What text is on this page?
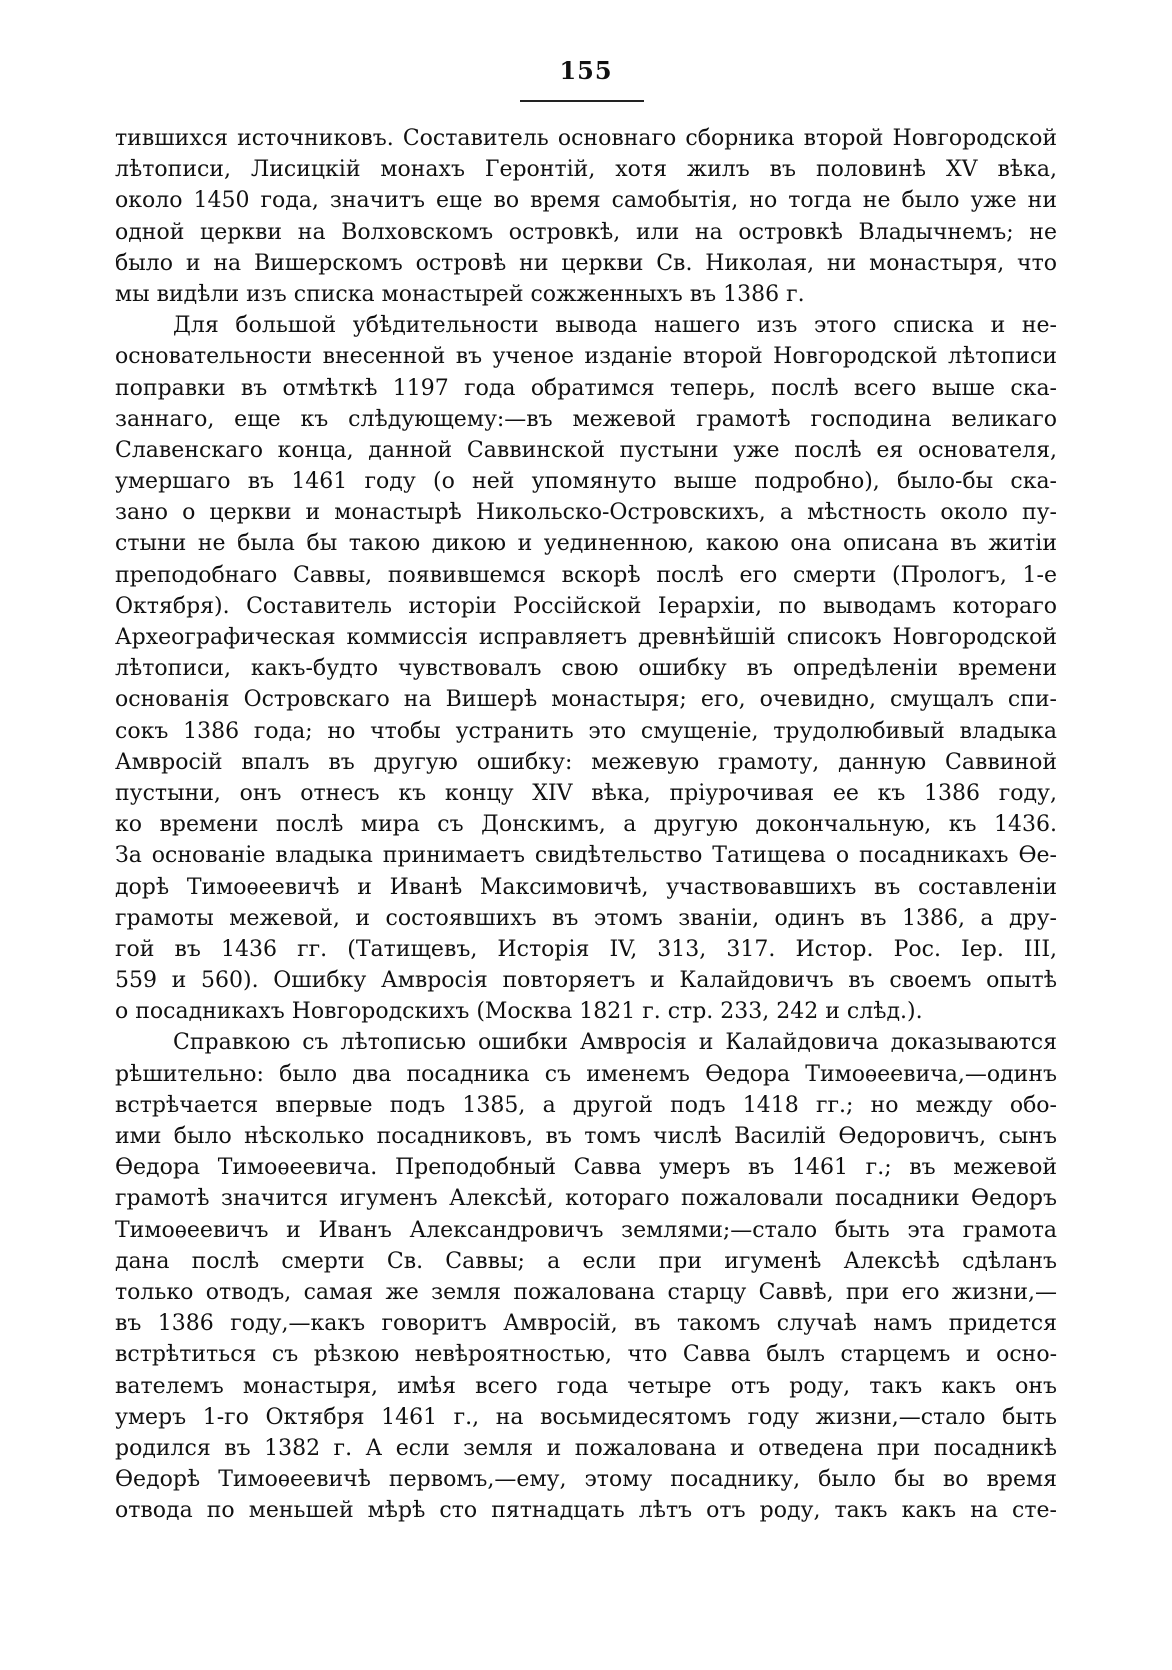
155
тившихся источниковъ. Составитель основнаго сборника второй Новгородской
лѣтописи, Лисицкій монахъ Геронтій, хотя жилъ въ половинѣ XV вѣка,
около 1450 года, значитъ еще во время самобытія, но тогда не было уже ни
одной церкви на Волховскомъ островкѣ, или на островкѣ Владычнемъ; не
было и на Вишерскомъ островѣ ни церкви Св. Николая, ни монастыря, что
мы видѣли изъ списка монастырей сожженныхъ въ 1386 г.
Для большой убѣдительности вывода нашего изъ этого списка и не-
основательности внесенной въ ученое изданіе второй Новгородской лѣтописи
поправки въ отмѣткѣ 1197 года обратимся теперь, послѣ всего выше ска-
заннаго, еще къ слѣдующему:—въ межевой грамотѣ господина великаго
Славенскаго конца, данной Саввинской пустыни уже послѣ ея основателя,
умершаго въ 1461 году (о ней упомянуто выше подробно), было-бы ска-
зано о церкви и монастырѣ Никольско-Островскихъ, а мѣстность около пу-
стыни не была бы такою дикою и уединенною, какою она описана въ житіи
преподобнаго Саввы, появившемся вскорѣ послѣ его смерти (Прологъ, 1-е
Октября). Составитель исторіи Россійской Іерархіи, по выводамъ котораго
Археографическая коммиссія исправляетъ древнѣйшій списокъ Новгородской
лѣтописи, какъ-будто чувствовалъ свою ошибку въ опредѣленіи времени
основанія Островскаго на Вишерѣ монастыря; его, очевидно, смущалъ спи-
сокъ 1386 года; но чтобы устранить это смущеніе, трудолюбивый владыка
Амвросій впалъ въ другую ошибку: межевую грамоту, данную Саввиной
пустыни, онъ отнесъ къ концу XIV вѣка, пріурочивая ее къ 1386 году,
ко времени послѣ мира съ Донскимъ, а другую докончальную, къ 1436.
За основаніе владыка принимаетъ свидѣтельство Татищева о посадникахъ Ѳе-
дорѣ Тимоѳеевичѣ и Иванѣ Максимовичѣ, участвовавшихъ въ составленіи
грамоты межевой, и состоявшихъ въ этомъ званіи, одинъ въ 1386, а дру-
гой въ 1436 гг. (Татищевъ, Исторія IV, 313, 317. Истор. Рос. Іер. III,
559 и 560). Ошибку Амвросія повторяетъ и Калайдовичъ въ своемъ опытѣ
о посадникахъ Новгородскихъ (Москва 1821 г. стр. 233, 242 и слѣд.).
Справкою съ лѣтописью ошибки Амвросія и Калайдовича доказываются
рѣшительно: было два посадника съ именемъ Ѳедора Тимоѳеевича,—одинъ
встрѣчается впервые подъ 1385, а другой подъ 1418 гг.; но между обо-
ими было нѣсколько посадниковъ, въ томъ числѣ Василій Ѳедоровичъ, сынъ
Ѳедора Тимоѳеевича. Преподобный Савва умеръ въ 1461 г.; въ межевой
грамотѣ значится игуменъ Алексѣй, котораго пожаловали посадники Ѳедоръ
Тимоѳеевичъ и Иванъ Александровичъ землями;—стало быть эта грамота
дана послѣ смерти Св. Саввы; а если при игуменѣ Алексѣѣ сдѣланъ
только отводъ, самая же земля пожалована старцу Саввѣ, при его жизни,—
въ 1386 году,—какъ говоритъ Амвросій, въ такомъ случаѣ намъ придется
встрѣтиться съ рѣзкою невѣроятностью, что Савва былъ старцемъ и осно-
вателемъ монастыря, имѣя всего года четыре отъ роду, такъ какъ онъ
умеръ 1-го Октября 1461 г., на восьмидесятомъ году жизни,—стало быть
родился въ 1382 г. А если земля и пожалована и отведена при посадникѣ
Ѳедорѣ Тимоѳеевичѣ первомъ,—ему, этому посаднику, было бы во время
отвода по меньшей мѣрѣ сто пятнадцать лѣтъ отъ роду, такъ какъ на сте-
